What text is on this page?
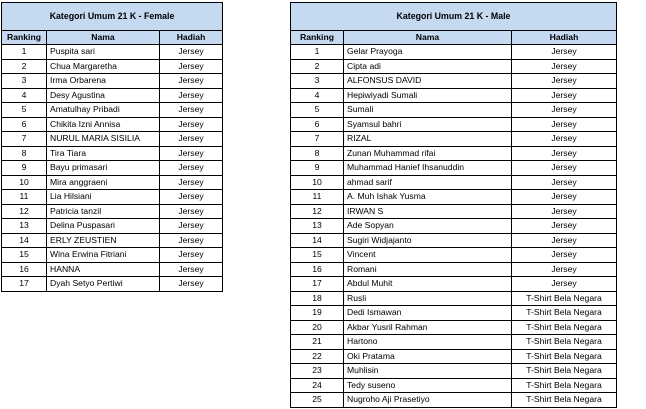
Kategori Umum 21 K - Female		
Ranking	Nama	Hadiah
1	Puspita sari	Jersey
2	Chua Margaretha	Jersey
3	Irma Orbarena	Jersey
4	Desy Agustina	Jersey
5	Amatulhay Pribadi	Jersey
6	Chikita Izni Annisa	Jersey
7	NURUL MARIA SISILIA	Jersey
8	Tira Tiara	Jersey
9	Bayu primasari	Jersey
10	Mira anggraeni	Jersey
11	Lia Hilsiani	Jersey
12	Patricia tanzil	Jersey
13	Delina Puspasari	Jersey
14	ERLY ZEUSTIEN	Jersey
15	Wina Erwina Fitriani	Jersey
16	HANNA	Jersey
17	Dyah Setyo Pertiwi	Jersey
Kategori Umum 21 K - Male		
Ranking	Nama	Hadiah
1	Gelar Prayoga	Jersey
2	Cipta adi	Jersey
3	ALFONSUS DAVID	Jersey
4	Hepiwiyadi Sumali	Jersey
5	Sumali	Jersey
6	Syamsul bahri	Jersey
7	RIZAL	Jersey
8	Zunan Muhammad rifai	Jersey
9	Muhammad Hanief Ihsanuddin	Jersey
10	ahmad sarif	Jersey
11	A. Muh Ishak Yusma	Jersey
12	IRWAN S	Jersey
13	Ade Sopyan	Jersey
14	Sugiri Widjajanto	Jersey
15	Vincent	Jersey
16	Romani	Jersey
17	Abdul Muhit	Jersey
18	Rusli	T-Shirt Bela Negara
19	Dedi Ismawan	T-Shirt Bela Negara
20	Akbar Yusril Rahman	T-Shirt Bela Negara
21	Hartono	T-Shirt Bela Negara
22	Oki Pratama	T-Shirt Bela Negara
23	Muhlisin	T-Shirt Bela Negara
24	Tedy suseno	T-Shirt Bela Negara
25	Nugroho Aji Prasetiyo	T-Shirt Bela Negara
